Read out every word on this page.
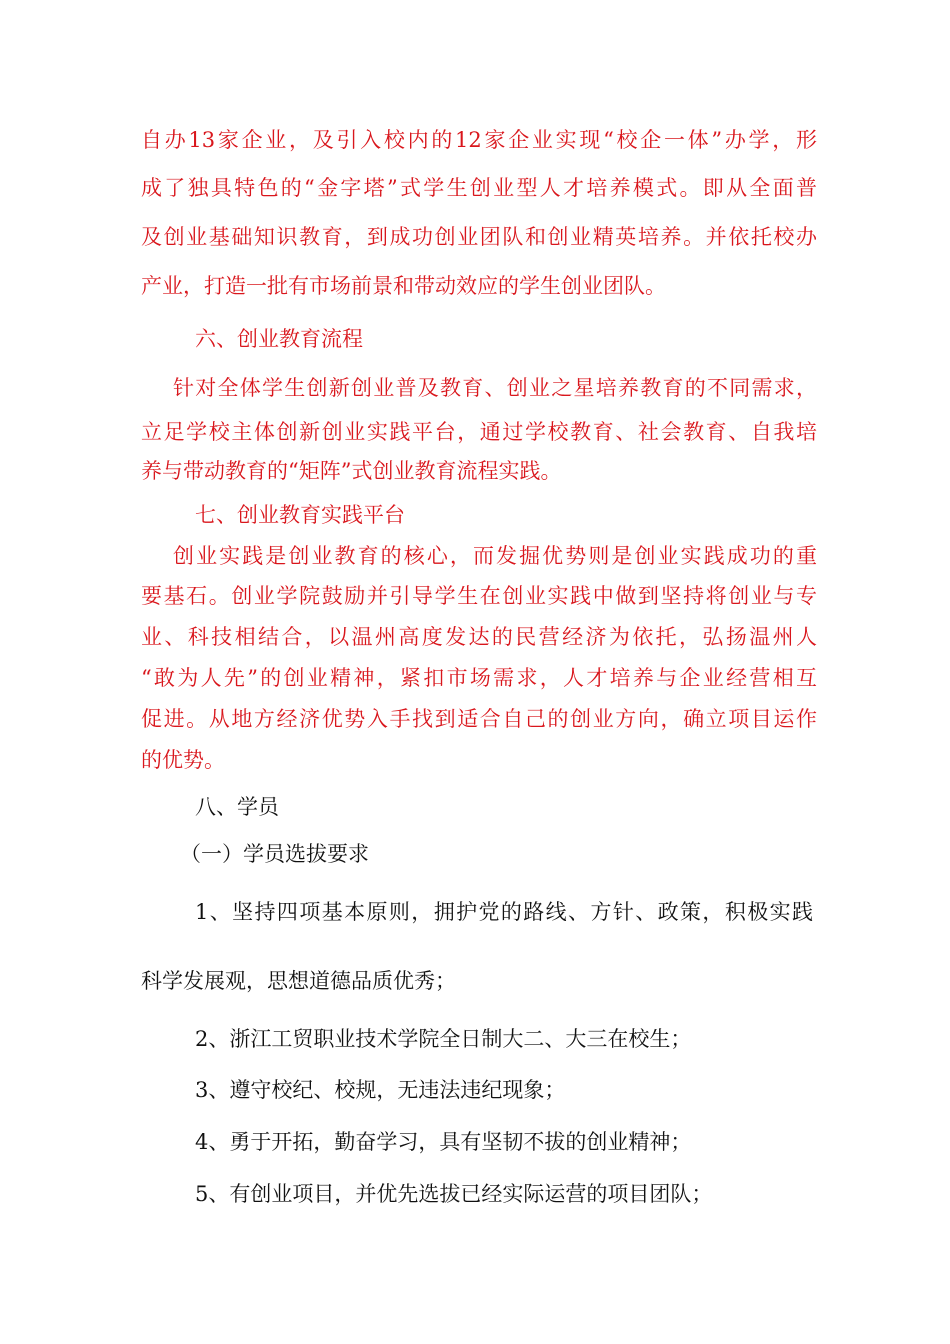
自办13家企业，及引入校内的12家企业实现“校企一体”办学，形
成了独具特色的“金字塔”式学生创业型人才培养模式。即从全面普
及创业基础知识教育，到成功创业团队和创业精英培养。并依托校办
产业，打造一批有市场前景和带动效应的学生创业团队。
六、创业教育流程
针对全体学生创新创业普及教育、创业之星培养教育的不同需求，
立足学校主体创新创业实践平台，通过学校教育、社会教育、自我培
养与带动教育的“矩阵”式创业教育流程实践。
七、创业教育实践平台
创业实践是创业教育的核心，而发掘优势则是创业实践成功的重
要基石。创业学院鼓励并引导学生在创业实践中做到坚持将创业与专
业、科技相结合，以温州高度发达的民营经济为依托，弘扬温州人
“敢为人先”的创业精神，紧扣市场需求，人才培养与企业经营相互
促进。从地方经济优势入手找到适合自己的创业方向，确立项目运作
的优势。
八、学员
（一）学员选拔要求
1、坚持四项基本原则，拥护党的路线、方针、政策，积极实践
科学发展观，思想道德品质优秀；
2、浙江工贸职业技术学院全日制大二、大三在校生；
3、遵守校纪、校规，无违法违纪现象；
4、勇于开拓，勤奋学习，具有坚韧不拔的创业精神；
5、有创业项目，并优先选拔已经实际运营的项目团队；
